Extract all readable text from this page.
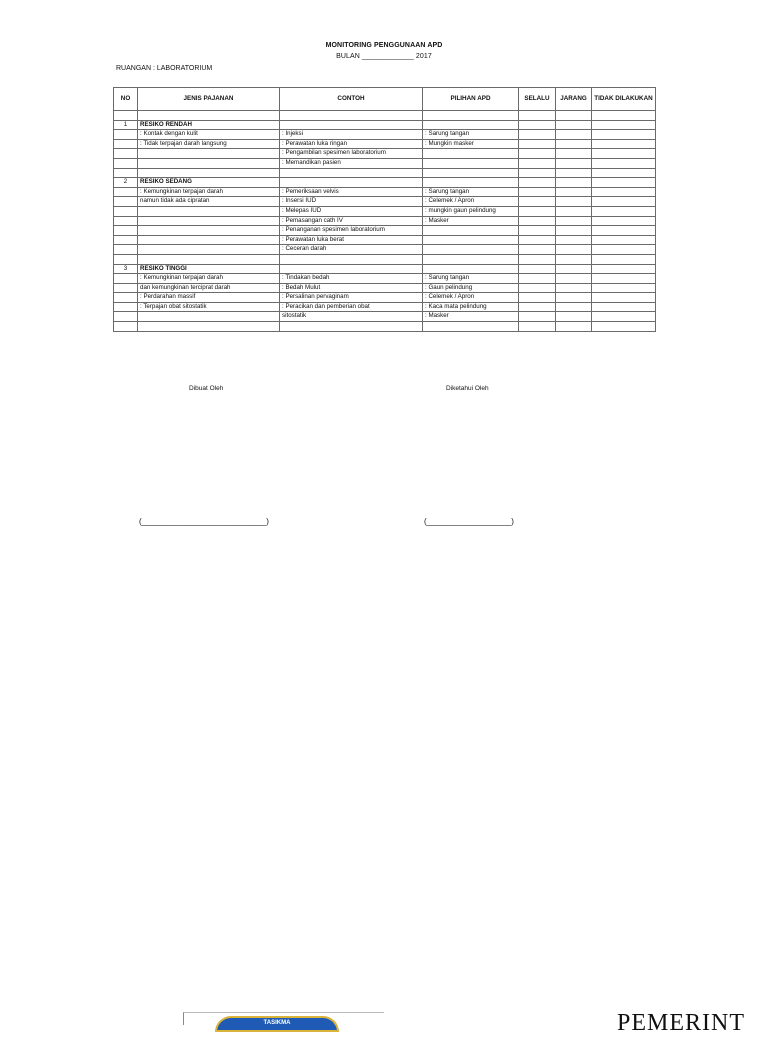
MONITORING PENGGUNAAN APD
BULAN _____________ 2017
RUANGAN : LABORATORIUM
NO	JENIS PAJANAN	CONTOH	PILIHAN APD	SELALU	JARANG	TIDAK DILAKUKAN

1	RESIKO RENDAH					
	: Kontak dengan kulit	: Injeksi	: Sarung tangan			
	: Tidak terpajan darah langsung	: Perawatan luka ringan	: Mungkin masker			
		: Pengambilan spesimen laboratorium				
		: Memandikan pasien				

2	RESIKO SEDANG					
	: Kemungkinan terpajan darah	: Pemeriksaan velvis	: Sarung tangan			
	namun tidak ada cipratan	: Insersi IUD	: Celemek / Apron			
		: Melepas IUD	: mungkin gaun pelindung			
		: Pemasangan cath IV	: Masker			
		: Penanganan spesimen laboratorium				
		: Perawatan luka berat				
		: Ceceran darah				

3	RESIKO TINGGI					
	: Kemungkinan terpajan darah	: Tindakan bedah	: Sarung tangan			
	dan kemungkinan terciprat darah	: Bedah Mulut	: Gaun pelindung			
	: Perdarahan massif	: Persalinan pervaginam	: Celemek / Apron			
	: Terpajan obat sitostatik	: Peracikan dan pemberian obat	: Kaca mata pelindung			
		sitostatik	: Masker			

Dibuat Oleh	Diketahui Oleh
(____________________________)	(___________________)
TASIKMA	PEMERINT
